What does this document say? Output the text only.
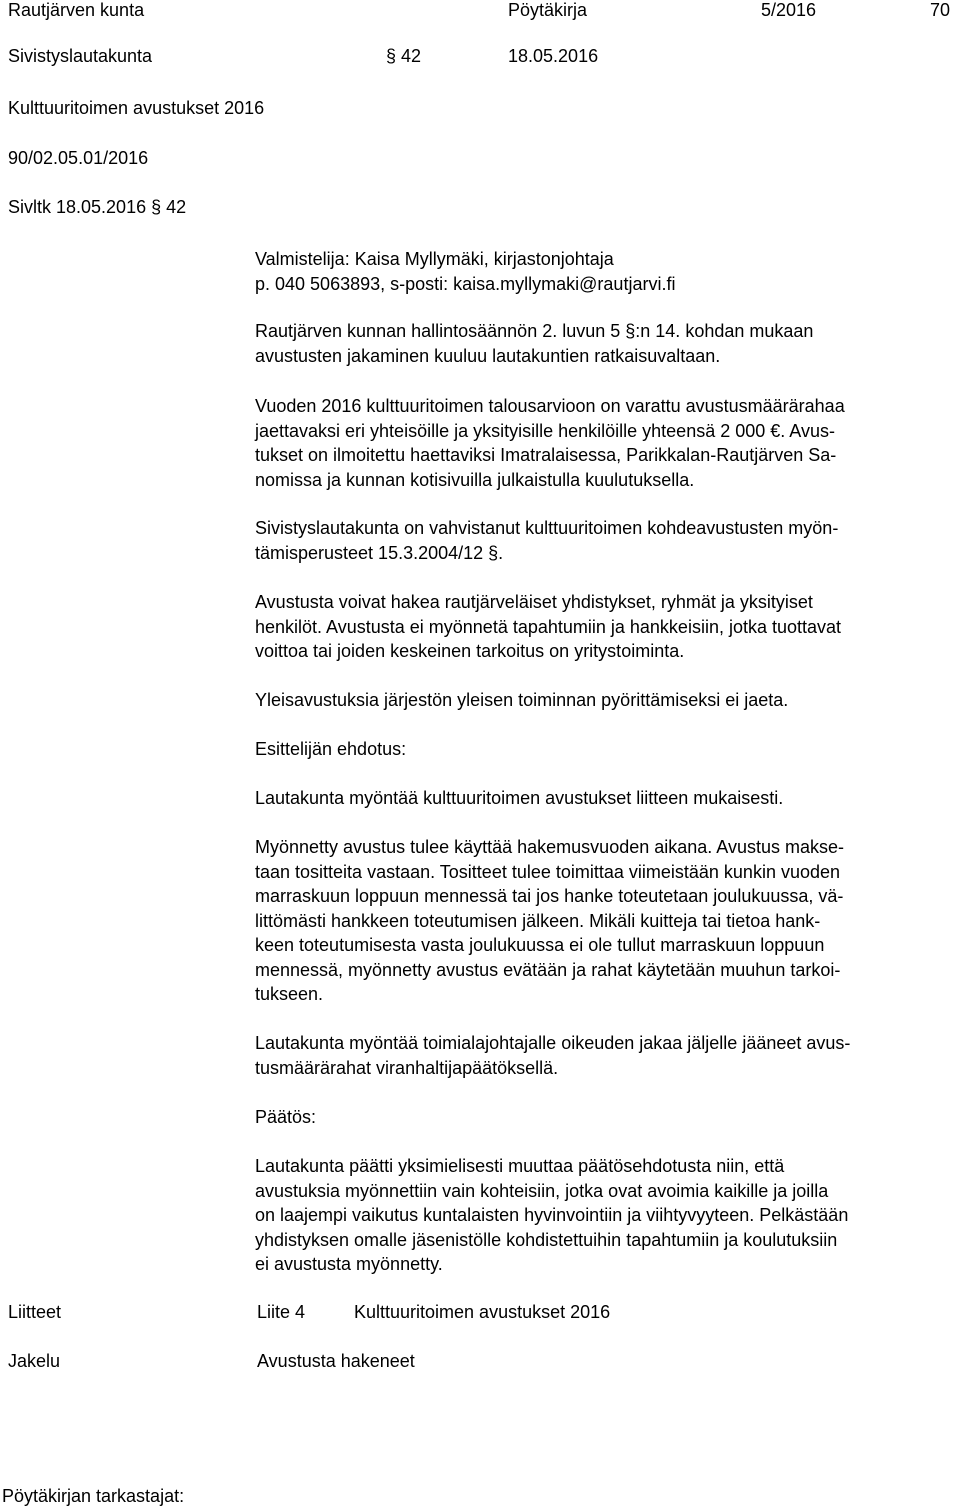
Rautjärven kunta	Pöytäkirja	5/2016	70
Sivistyslautakunta	§ 42	18.05.2016
Kulttuuritoimen avustukset 2016
90/02.05.01/2016
Sivltk 18.05.2016 § 42
Valmistelija: Kaisa Myllymäki, kirjastonjohtaja
p. 040 5063893, s-posti: kaisa.myllymaki@rautjarvi.fi
Rautjärven kunnan hallintosäännön 2. luvun 5 §:n 14. kohdan mukaan
avustusten jakaminen kuuluu lautakuntien ratkaisuvaltaan.
Vuoden 2016 kulttuuritoimen talousarvioon on varattu avustusmäärärahaa
jaettavaksi eri yhteisöille ja yksityisille henkilöille yhteensä 2 000 €. Avus-
tukset on ilmoitettu haettaviksi Imatralaisessa, Parikkalan-Rautjärven Sa-
nomissa ja kunnan kotisivuilla julkaistulla kuulutuksella.
Sivistyslautakunta on vahvistanut kulttuuritoimen kohdeavustusten myön-
tämisperusteet 15.3.2004/12 §.
Avustusta voivat hakea rautjärveläiset yhdistykset, ryhmät ja yksityiset
henkilöt. Avustusta ei myönnetä tapahtumiin ja hankkeisiin, jotka tuottavat
voittoa tai joiden keskeinen tarkoitus on yritystoiminta.
Yleisavustuksia järjestön yleisen toiminnan pyörittämiseksi ei jaeta.
Esittelijän ehdotus:
Lautakunta myöntää kulttuuritoimen avustukset liitteen mukaisesti.
Myönnetty avustus tulee käyttää hakemusvuoden aikana. Avustus makse-
taan tositteita vastaan. Tositteet tulee toimittaa viimeistään kunkin vuoden
marraskuun loppuun mennessä tai jos hanke toteutetaan joulukuussa, vä-
littömästi hankkeen toteutumisen jälkeen. Mikäli kuitteja tai tietoa hank-
keen toteutumisesta vasta joulukuussa ei ole tullut marraskuun loppuun
mennessä, myönnetty avustus evätään ja rahat käytetään muuhun tarkoi-
tukseen.
Lautakunta myöntää toimialajohtajalle oikeuden jakaa jäljelle jääneet avus-
tusmäärärahat viranhaltijapäätöksellä.
Päätös:
Lautakunta päätti yksimielisesti muuttaa päätösehdotusta niin, että
avustuksia myönnettiin vain kohteisiin, jotka ovat avoimia kaikille ja joilla
on laajempi vaikutus kuntalaisten hyvinvointiin ja viihtyvyyteen. Pelkästään
yhdistyksen omalle jäsenistölle kohdistettuihin tapahtumiin ja koulutuksiin
ei avustusta myönnetty.
Liitteet	Liite 4	Kulttuuritoimen avustukset 2016
Jakelu	Avustusta hakeneet
Pöytäkirjan tarkastajat:
